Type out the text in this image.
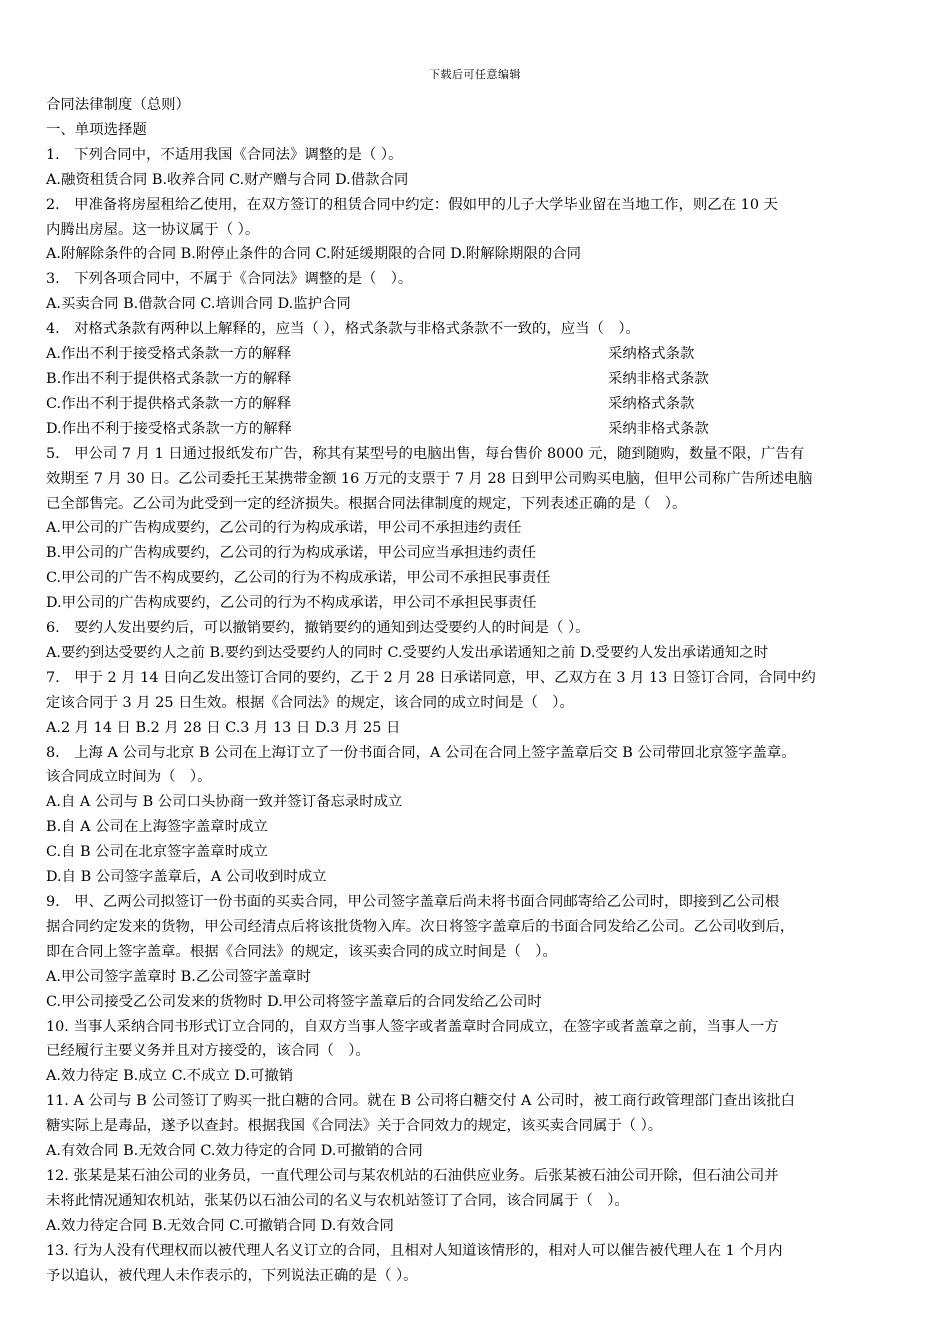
下载后可任意编辑

合同法律制度（总则）

一、单项选择题

1.　下列合同中，不适用我国《合同法》调整的是（ ）。

A.融资租赁合同 B.收养合同 C.财产赠与合同 D.借款合同

2.　甲准备将房屋租给乙使用，在双方签订的租赁合同中约定：假如甲的儿子大学毕业留在当地工作，则乙在 10 天

内腾出房屋。这一协议属于（ ）。

A.附解除条件的合同 B.附停止条件的合同 C.附延缓期限的合同 D.附解除期限的合同

3.　下列各项合同中，不属于《合同法》调整的是（　）。

A.买卖合同 B.借款合同 C.培训合同 D.监护合同

4.　对格式条款有两种以上解释的，应当（ ），格式条款与非格式条款不一致的，应当（　）。

A.作出不利于接受格式条款一方的解释	采纳格式条款
B.作出不利于提供格式条款一方的解释	采纳非格式条款
C.作出不利于提供格式条款一方的解释	采纳格式条款
D.作出不利于接受格式条款一方的解释	采纳非格式条款

5.　甲公司 7 月 1 日通过报纸发布广告，称其有某型号的电脑出售，每台售价 8000 元，随到随购，数量不限，广告有

效期至 7 月 30 日。乙公司委托王某携带金额 16 万元的支票于 7 月 28 日到甲公司购买电脑，但甲公司称广告所述电脑

已全部售完。乙公司为此受到一定的经济损失。根据合同法律制度的规定，下列表述正确的是（　）。

A.甲公司的广告构成要约，乙公司的行为构成承诺，甲公司不承担违约责任

B.甲公司的广告构成要约，乙公司的行为构成承诺，甲公司应当承担违约责任

C.甲公司的广告不构成要约，乙公司的行为不构成承诺，甲公司不承担民事责任

D.甲公司的广告构成要约，乙公司的行为不构成承诺，甲公司不承担民事责任

6.　要约人发出要约后，可以撤销要约，撤销要约的通知到达受要约人的时间是（ ）。

A.要约到达受要约人之前 B.要约到达受要约人的同时 C.受要约人发出承诺通知之前 D.受要约人发出承诺通知之时

7.　甲于 2 月 14 日向乙发出签订合同的要约，乙于 2 月 28 日承诺同意，甲、乙双方在 3 月 13 日签订合同，合同中约

定该合同于 3 月 25 日生效。根据《合同法》的规定，该合同的成立时间是（　）。

A.2 月 14 日 B.2 月 28 日 C.3 月 13 日 D.3 月 25 日

8.　上海 A 公司与北京 B 公司在上海订立了一份书面合同，A 公司在合同上签字盖章后交 B 公司带回北京签字盖章。

该合同成立时间为（　）。

A.自 A 公司与 B 公司口头协商一致并签订备忘录时成立

B.自 A 公司在上海签字盖章时成立

C.自 B 公司在北京签字盖章时成立

D.自 B 公司签字盖章后，A 公司收到时成立

9.　甲、乙两公司拟签订一份书面的买卖合同，甲公司签字盖章后尚未将书面合同邮寄给乙公司时，即接到乙公司根

据合同约定发来的货物，甲公司经清点后将该批货物入库。次日将签字盖章后的书面合同发给乙公司。乙公司收到后，

即在合同上签字盖章。根据《合同法》的规定，该买卖合同的成立时间是（　）。

A.甲公司签字盖章时 B.乙公司签字盖章时

C.甲公司接受乙公司发来的货物时 D.甲公司将签字盖章后的合同发给乙公司时

10. 当事人采纳合同书形式订立合同的，自双方当事人签字或者盖章时合同成立，在签字或者盖章之前，当事人一方

已经履行主要义务并且对方接受的，该合同（　）。

A.效力待定 B.成立 C.不成立 D.可撤销

11. A 公司与 B 公司签订了购买一批白糖的合同。就在 B 公司将白糖交付 A 公司时，被工商行政管理部门查出该批白

糖实际上是毒品，遂予以查封。根据我国《合同法》关于合同效力的规定，该买卖合同属于（ ）。

A.有效合同 B.无效合同 C.效力待定的合同 D.可撤销的合同

12. 张某是某石油公司的业务员，一直代理公司与某农机站的石油供应业务。后张某被石油公司开除，但石油公司并

未将此情况通知农机站，张某仍以石油公司的名义与农机站签订了合同，该合同属于（　）。

A.效力待定合同 B.无效合同 C.可撤销合同 D.有效合同

13. 行为人没有代理权而以被代理人名义订立的合同，且相对人知道该情形的，相对人可以催告被代理人在 1 个月内

予以追认，被代理人未作表示的，下列说法正确的是（ ）。
